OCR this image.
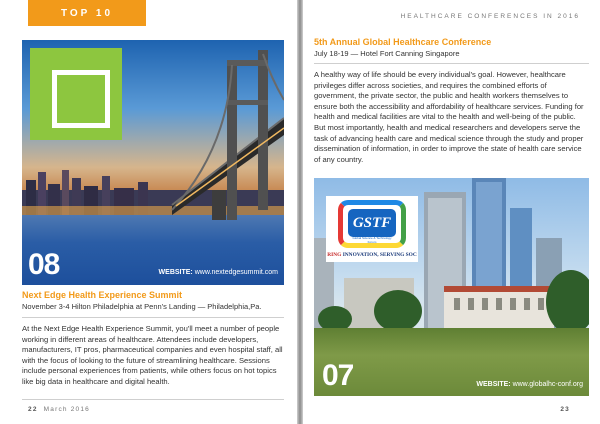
TOP 10
08	WEBSITE: www.nextedgesummit.com
Next Edge Health Experience Summit
November 3-4 Hilton Philadelphia at Penn's Landing — Philadelphia,Pa.
At the Next Edge Health Experience Summit, you'll meet a number of people working in different areas of healthcare. Attendees include developers, manufacturers, IT pros, pharmaceutical companies and even hospital staff, all with the focus of looking to the future of streamlining healthcare. Sessions include personal experiences from patients, while others focus on hot topics like big data in healthcare and digital health.
22 March 2016
HEALTHCARE CONFERENCES IN 2016
5th Annual Global Healthcare Conference
July 18-19 — Hotel Fort Canning Singapore
A healthy way of life should be every individual's goal. However, healthcare privileges differ across societies, and requires the combined efforts of government, the private sector, the public and health workers themselves to ensure both the accessibility and affordability of healthcare services. Funding for health and medical facilities are vital to the health and well-being of the public. But most importantly, health and medical researchers and developers serve the task of advancing health care and medical science through the study and proper dissemination of information, in order to improve the state of health care service of any country.
GSTF
Global Science & Technology Forum
RING INNOVATION, SERVING SOC
07	WEBSITE: www.globalhc-conf.org
23
